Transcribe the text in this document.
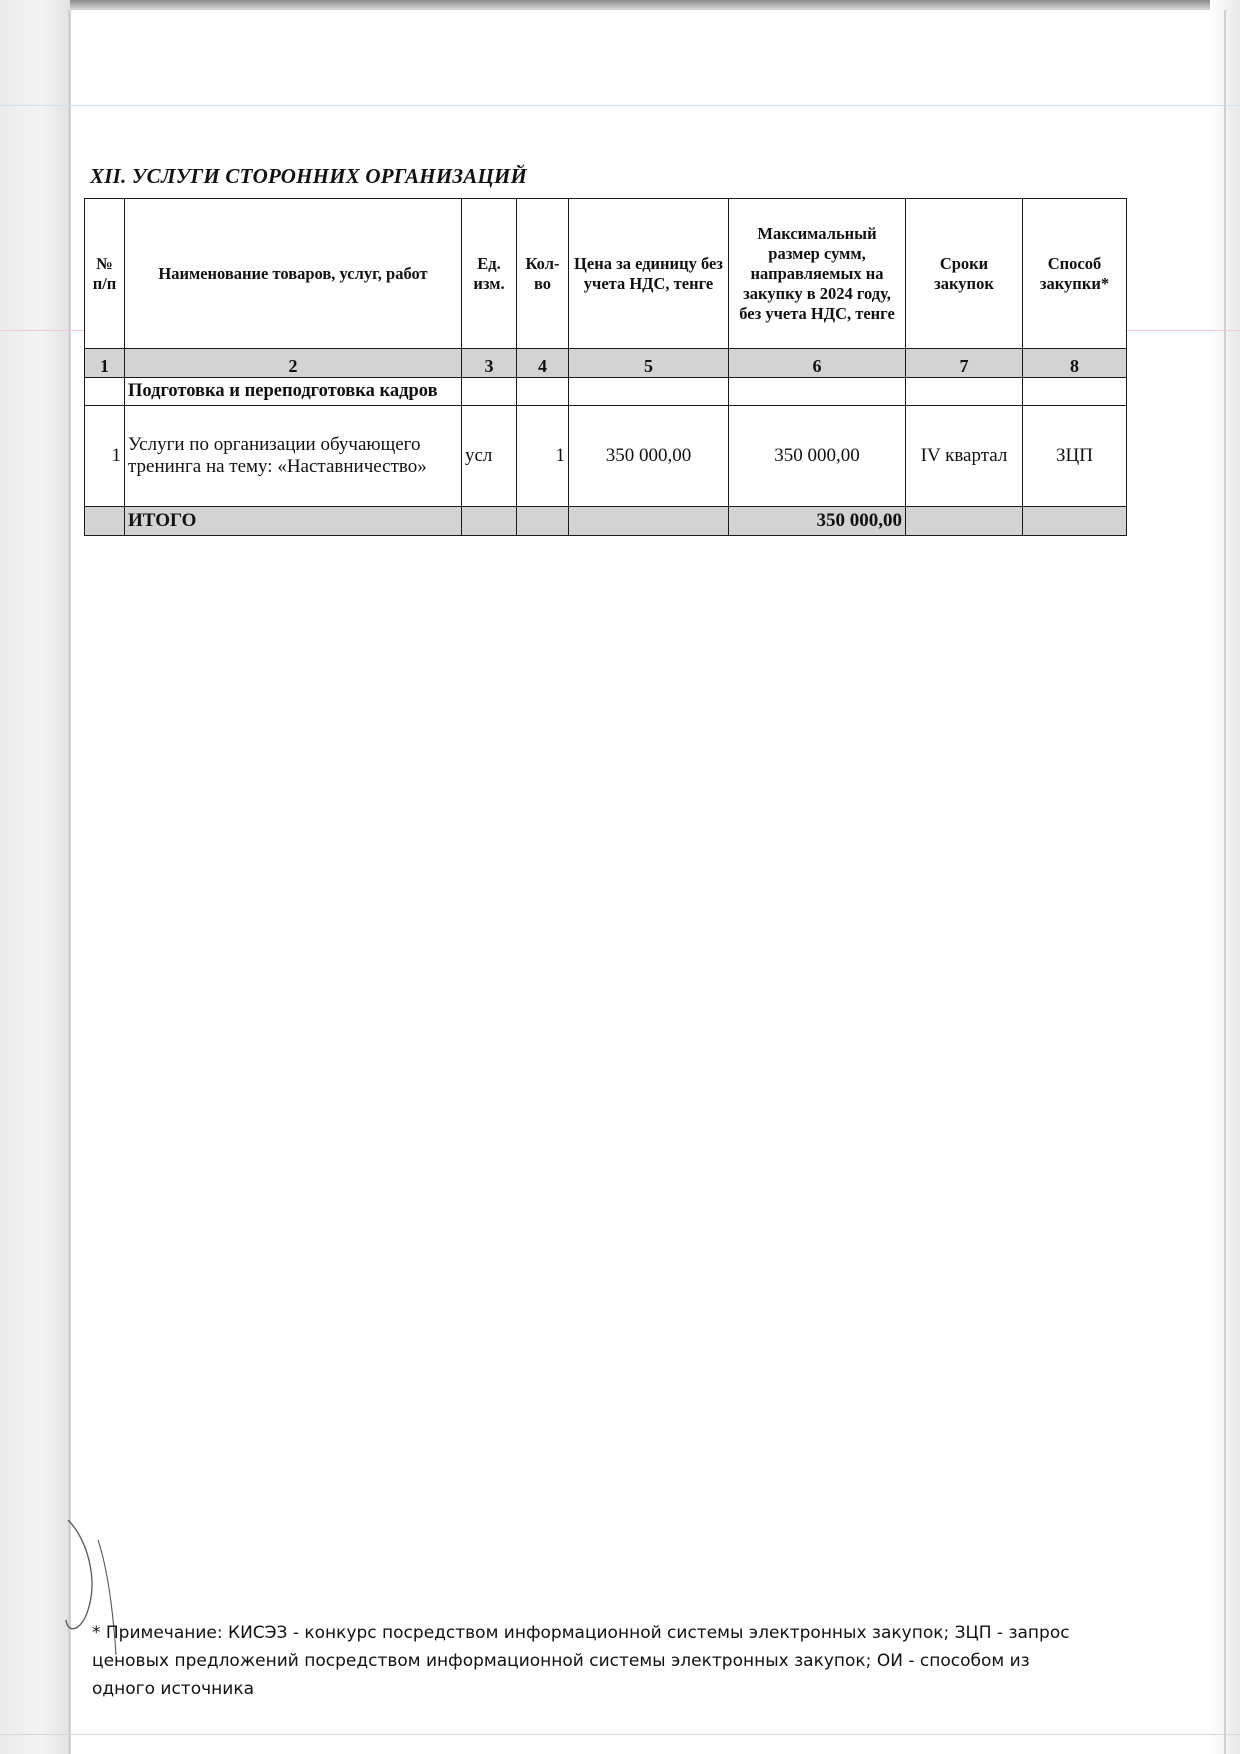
XII. УСЛУГИ СТОРОННИХ ОРГАНИЗАЦИЙ
№ п/п	Наименование товаров, услуг, работ	Ед. изм.	Кол-во	Цена за единицу без учета НДС, тенге	Максимальный размер сумм, направляемых на закупку в 2024 году, без учета НДС, тенге	Сроки закупок	Способ закупки*
1	2	3	4	5	6	7	8
	Подготовка и переподготовка кадров						
1	Услуги по организации обучающего тренинга на тему: «Наставничество»	усл	1	350 000,00	350 000,00	IV квартал	ЗЦП
	ИТОГО				350 000,00		
* Примечание: КИСЭЗ - конкурс посредством информационной системы электронных закупок; ЗЦП - запрос ценовых предложений посредством информационной системы электронных закупок; ОИ - способом из одного источника
